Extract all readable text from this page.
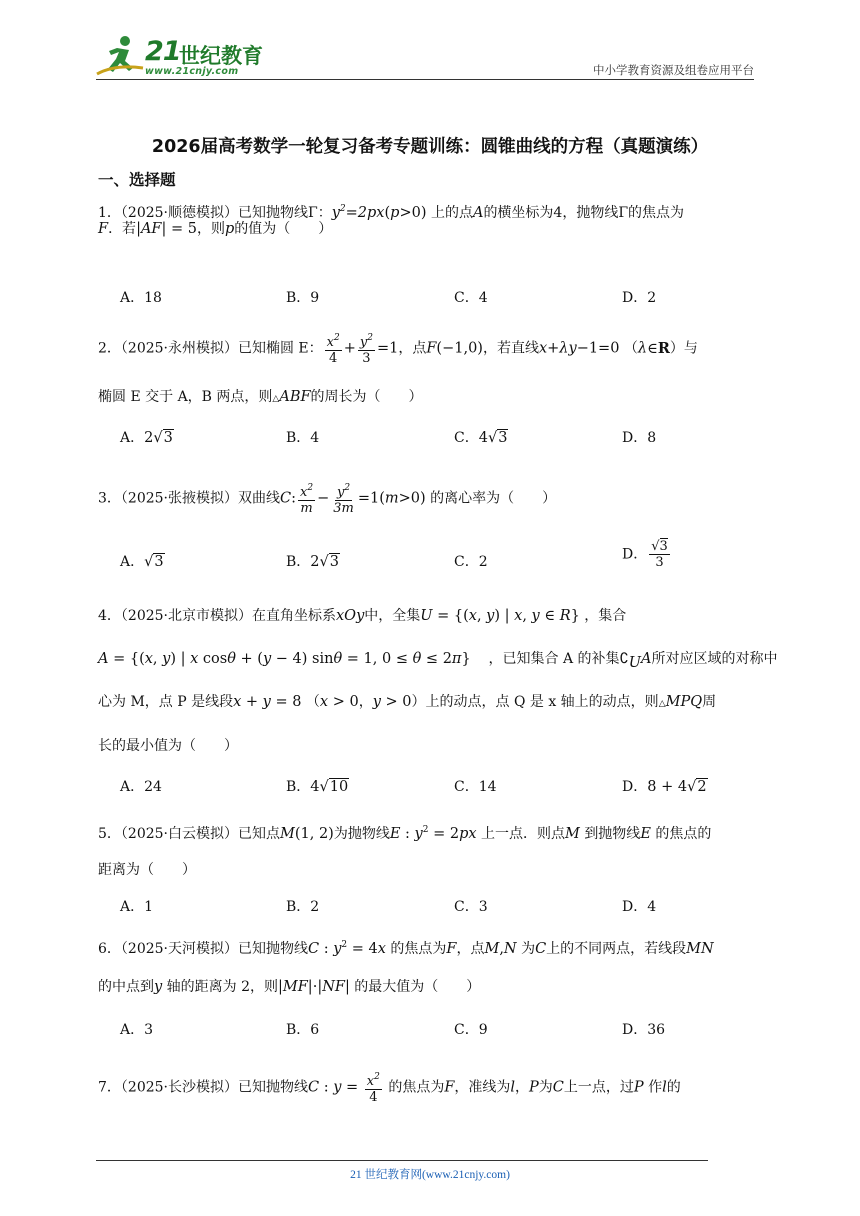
21
世纪教育
www.21cnjy.com	中小学教育资源及组卷应用平台
2026届高考数学一轮复习备考专题训练：圆锥曲线的方程（真题演练）
一、选择题
1．（2025·顺德模拟）已知抛物线Γ：$y^2=2px(p>0)$ 上的点A的横坐标为4，抛物线Γ的焦点为
F．若|AF| = 5，则p的值为（　　）
A．18	B．9	C．4	D．2
2．（2025·永州模拟）已知椭圆 E： $\frac{x^2}{4} + \frac{y^2}{3} =1$，点F(−1,0)，若直线x+λy−1=0 （λ∈R）与
椭圆 E 交于 A，B 两点，则△ABF的周长为（　　）
A．2√3	B．4	C．4√3	D．8
3．（2025·张掖模拟）双曲线C: $\frac{x^2}{m} - \frac{y^2}{3m} =1(m>0)$ 的离心率为（　　）
A．√3	B．2√3	C．2	D． $\frac{√3}{3}$
4．（2025·北京市模拟）在直角坐标系xOy中，全集U = {(x, y) | x, y ∈ R} ，集合
A = {(x, y) | x cosθ + (y − 4) sinθ = 1, 0 ≤ θ ≤ 2π} ，已知集合 A 的补集$∁_UA$所对应区域的对称中
心为 M，点 P 是线段x + y = 8 （x > 0，y > 0）上的动点，点 Q 是 x 轴上的动点，则△MPQ周
长的最小值为（　　）
A．24	B．4√10	C．14	D．8 + 4√2
5．（2025·白云模拟）已知点M(1, 2)为抛物线E : $y^2 = 2px$ 上一点．则点M 到抛物线E 的焦点的
距离为（　　）
A．1	B．2	C．3	D．4
6．（2025·天河模拟）已知抛物线C : $y^2 = 4x$ 的焦点为F，点M,N 为C上的不同两点，若线段MN
的中点到y 轴的距离为 2，则|MF|·|NF| 的最大值为（　　）
A．3	B．6	C．9	D．36
7．（2025·长沙模拟）已知抛物线C : $y = \frac{x^2}{4}$ 的焦点为F，准线为l，P为C上一点，过P 作l的
21 世纪教育网(www.21cnjy.com)
